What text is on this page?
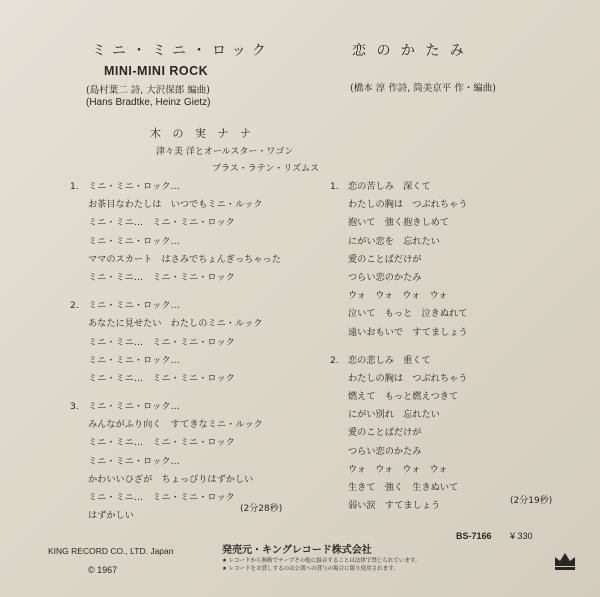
ミニ・ミニ・ロック
MINI-MINI ROCK
(島村葉二 詩, 大沢保郎 編曲)
(Hans Bradtke, Heinz Gietz)
恋 の か た み
(橋本 淳 作詩, 筒美京平 作・編曲)
木 の 実 ナ ナ
津々美 洋とオールスター・ワゴン
ブラス・ラテン・リズムス
1. ミニ・ミニ・ロック…
お茶目なわたしは　いつでもミニ・ルック
ミニ・ミニ…　ミニ・ミニ・ロック
ミニ・ミニ・ロック…
ママのスカート　はさみでちょんぎっちゃった
ミニ・ミニ…　ミニ・ミニ・ロック
2. ミニ・ミニ・ロック…
あなたに見せたい　わたしのミニ・ルック
ミニ・ミニ…　ミニ・ミニ・ロック
ミニ・ミニ・ロック…
ミニ・ミニ…　ミニ・ミニ・ロック
3. ミニ・ミニ・ロック…
みんながふり向く　すてきなミニ・ルック
ミニ・ミニ…　ミニ・ミニ・ロック
ミニ・ミニ・ロック…
かわいいひざが　ちょっぴりはずかしい
ミニ・ミニ…　ミニ・ミニ・ロック
はずかしい
(2分28秒)
1. 恋の苦しみ　深くて
わたしの胸は　つぶれちゃう
抱いて　強く抱きしめて
にがい恋を　忘れたい
愛のことばだけが
つらい恋のかたみ
ウォ　ウォ　ウォ　ウォ
泣いて　もっと　泣きぬれて
遠いおもいで　すてましょう
2. 恋の悲しみ　重くて
わたしの胸は　つぶれちゃう
燃えて　もっと燃えつきて
にがい別れ　忘れたい
愛のことばだけが
つらい恋のかたみ
ウォ　ウォ　ウォ　ウォ
生きて　強く　生きぬいて
弱い涙　すてましょう	(2分19秒)
KING RECORD CO., LTD. Japan
© 1967
発売元・キングレコード株式会社
★ レコードから無断でテープその他に録音することは法律で禁じられています。
★ レコードをお貸しするのは公衆への貸与の場合に限り使用されます。
BS-7166 ¥ 330
